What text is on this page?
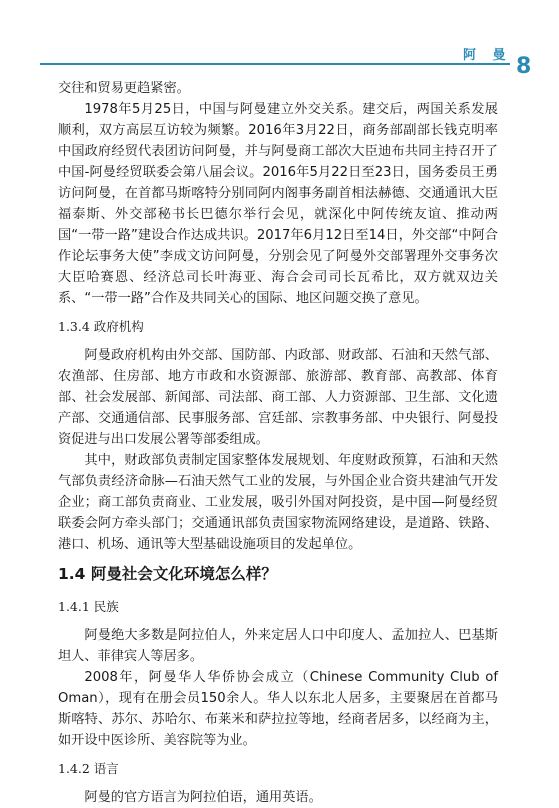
阿 曼 8

交往和贸易更趋紧密。

1978年5月25日，中国与阿曼建立外交关系。建交后，两国关系发展顺利，双方高层互访较为频繁。2016年3月22日，商务部副部长钱克明率中国政府经贸代表团访问阿曼，并与阿曼商工部次大臣迪布共同主持召开了中国-阿曼经贸联委会第八届会议。2016年5月22日至23日，国务委员王勇访问阿曼，在首都马斯喀特分别同阿内阁事务副首相法赫德、交通通讯大臣福泰斯、外交部秘书长巴德尔举行会见，就深化中阿传统友谊、推动两国“一带一路”建设合作达成共识。2017年6月12日至14日，外交部“中阿合作论坛事务大使”李成文访问阿曼，分别会见了阿曼外交部署理外交事务次大臣哈赛恩、经济总司长叶海亚、海合会司司长瓦希比，双方就双边关系、“一带一路”合作及共同关心的国际、地区问题交换了意见。

1.3.4 政府机构

阿曼政府机构由外交部、国防部、内政部、财政部、石油和天然气部、农渔部、住房部、地方市政和水资源部、旅游部、教育部、高教部、体育部、社会发展部、新闻部、司法部、商工部、人力资源部、卫生部、文化遗产部、交通通信部、民事服务部、宫廷部、宗教事务部、中央银行、阿曼投资促进与出口发展公署等部委组成。

其中，财政部负责制定国家整体发展规划、年度财政预算，石油和天然气部负责经济命脉—石油天然气工业的发展，与外国企业合资共建油气开发企业；商工部负责商业、工业发展，吸引外国对阿投资，是中国—阿曼经贸联委会阿方牵头部门；交通通讯部负责国家物流网络建设，是道路、铁路、港口、机场、通讯等大型基础设施项目的发起单位。

1.4 阿曼社会文化环境怎么样？
1.4.1 民族

阿曼绝大多数是阿拉伯人，外来定居人口中印度人、孟加拉人、巴基斯坦人、菲律宾人等居多。

2008年，阿曼华人华侨协会成立（Chinese Community Club of Oman），现有在册会员150余人。华人以东北人居多，主要聚居在首都马斯喀特、苏尔、苏哈尔、布莱米和萨拉拉等地，经商者居多，以经商为主，如开设中医诊所、美容院等为业。

1.4.2 语言

阿曼的官方语言为阿拉伯语，通用英语。
